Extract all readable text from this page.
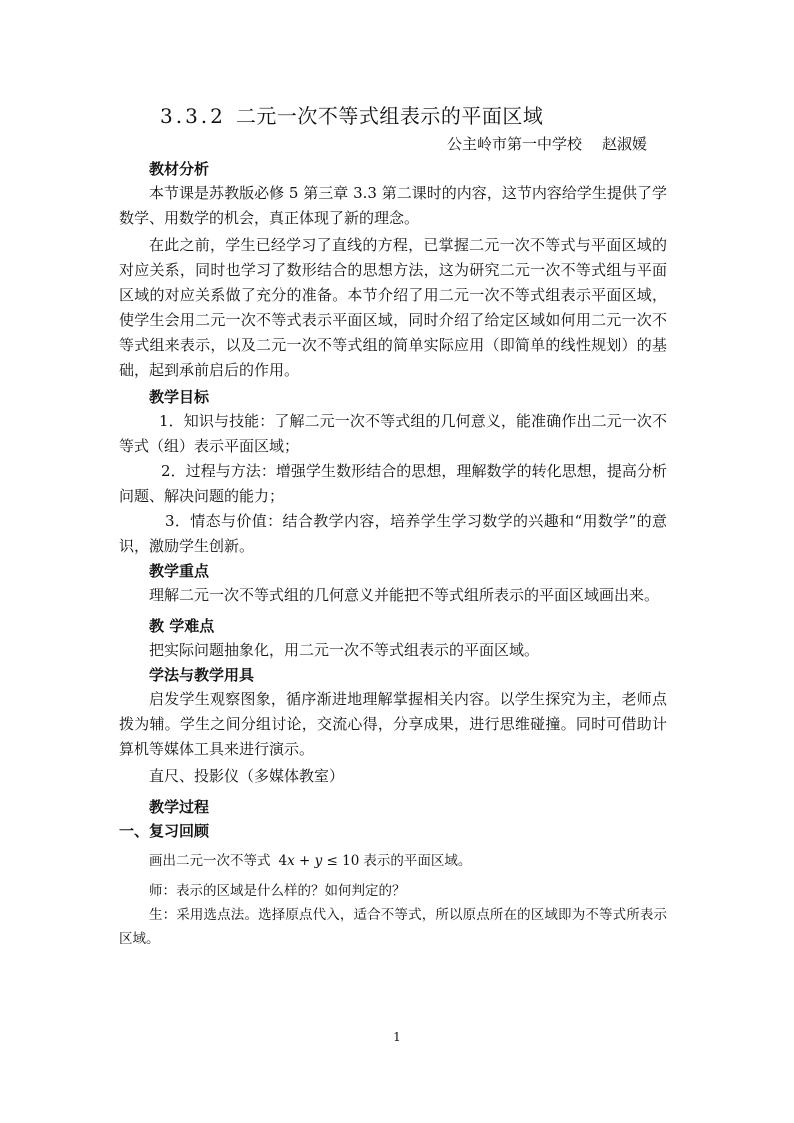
3.3.2 二元一次不等式组表示的平面区域
公主岭市第一中学校 赵淑媛
教材分析

本节课是苏教版必修 5 第三章 3.3 第二课时的内容，这节内容给学生提供了学数学、用数学的机会，真正体现了新的理念。

在此之前，学生已经学习了直线的方程，已掌握二元一次不等式与平面区域的对应关系，同时也学习了数形结合的思想方法，这为研究二元一次不等式组与平面区域的对应关系做了充分的准备。本节介绍了用二元一次不等式组表示平面区域，使学生会用二元一次不等式表示平面区域，同时介绍了给定区域如何用二元一次不等式组来表示，以及二元一次不等式组的简单实际应用（即简单的线性规划）的基础，起到承前启后的作用。

教学目标

1．知识与技能：了解二元一次不等式组的几何意义，能准确作出二元一次不等式（组）表示平面区域；

2．过程与方法：增强学生数形结合的思想，理解数学的转化思想，提高分析问题、解决问题的能力；

3．情态与价值：结合教学内容，培养学生学习数学的兴趣和“用数学”的意识，激励学生创新。

教学重点

理解二元一次不等式组的几何意义并能把不等式组所表示的平面区域画出来。

教 学难点

把实际问题抽象化，用二元一次不等式组表示的平面区域。

学法与教学用具

启发学生观察图象，循序渐进地理解掌握相关内容。以学生探究为主，老师点拨为辅。学生之间分组讨论，交流心得，分享成果，进行思维碰撞。同时可借助计算机等媒体工具来进行演示。

直尺、投影仪（多媒体教室）

教学过程
一、复习回顾

画出二元一次不等式 4x + y ≤ 10 表示的平面区域。

师：表示的区域是什么样的？如何判定的？

生：采用选点法。选择原点代入，适合不等式，所以原点所在的区域即为不等式所表示区域。

1
